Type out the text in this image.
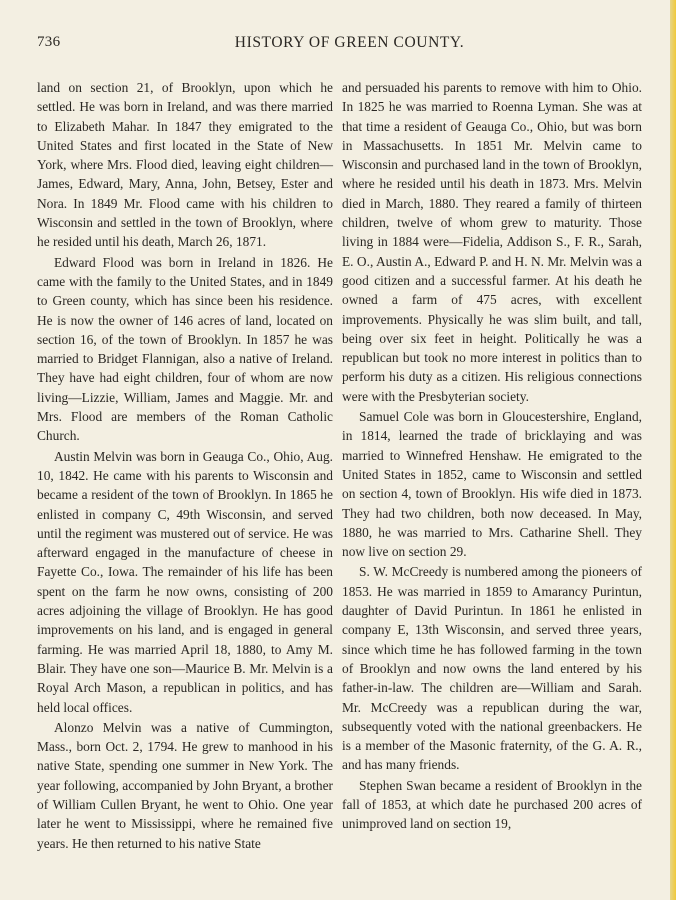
736	HISTORY OF GREEN COUNTY.

land on section 21, of Brooklyn, upon which he settled. He was born in Ireland, and was there married to Elizabeth Mahar. In 1847 they emigrated to the United States and first located in the State of New York, where Mrs. Flood died, leaving eight children—James, Edward, Mary, Anna, John, Betsey, Ester and Nora. In 1849 Mr. Flood came with his children to Wisconsin and settled in the town of Brooklyn, where he resided until his death, March 26, 1871.

Edward Flood was born in Ireland in 1826. He came with the family to the United States, and in 1849 to Green county, which has since been his residence. He is now the owner of 146 acres of land, located on section 16, of the town of Brooklyn. In 1857 he was married to Bridget Flannigan, also a native of Ireland. They have had eight children, four of whom are now living—Lizzie, William, James and Maggie. Mr. and Mrs. Flood are members of the Roman Catholic Church.

Austin Melvin was born in Geauga Co., Ohio, Aug. 10, 1842. He came with his parents to Wisconsin and became a resident of the town of Brooklyn. In 1865 he enlisted in company C, 49th Wisconsin, and served until the regiment was mustered out of service. He was afterward engaged in the manufacture of cheese in Fayette Co., Iowa. The remainder of his life has been spent on the farm he now owns, consisting of 200 acres adjoining the village of Brooklyn. He has good improvements on his land, and is engaged in general farming. He was married April 18, 1880, to Amy M. Blair. They have one son—Maurice B. Mr. Melvin is a Royal Arch Mason, a republican in politics, and has held local offices.

Alonzo Melvin was a native of Cummington, Mass., born Oct. 2, 1794. He grew to manhood in his native State, spending one summer in New York. The year following, accompanied by John Bryant, a brother of William Cullen Bryant, he went to Ohio. One year later he went to Mississippi, where he remained five years. He then returned to his native State

and persuaded his parents to remove with him to Ohio. In 1825 he was married to Roenna Lyman. She was at that time a resident of Geauga Co., Ohio, but was born in Massachusetts. In 1851 Mr. Melvin came to Wisconsin and purchased land in the town of Brooklyn, where he resided until his death in 1873. Mrs. Melvin died in March, 1880. They reared a family of thirteen children, twelve of whom grew to maturity. Those living in 1884 were—Fidelia, Addison S., F. R., Sarah, E. O., Austin A., Edward P. and H. N. Mr. Melvin was a good citizen and a successful farmer. At his death he owned a farm of 475 acres, with excellent improvements. Physically he was slim built, and tall, being over six feet in height. Politically he was a republican but took no more interest in politics than to perform his duty as a citizen. His religious connections were with the Presbyterian society.

Samuel Cole was born in Gloucestershire, England, in 1814, learned the trade of bricklaying and was married to Winnefred Henshaw. He emigrated to the United States in 1852, came to Wisconsin and settled on section 4, town of Brooklyn. His wife died in 1873. They had two children, both now deceased. In May, 1880, he was married to Mrs. Catharine Shell. They now live on section 29.

S. W. McCreedy is numbered among the pioneers of 1853. He was married in 1859 to Amarancy Purintun, daughter of David Purintun. In 1861 he enlisted in company E, 13th Wisconsin, and served three years, since which time he has followed farming in the town of Brooklyn and now owns the land entered by his father-in-law. The children are—William and Sarah. Mr. McCreedy was a republican during the war, subsequently voted with the national greenbackers. He is a member of the Masonic fraternity, of the G. A. R., and has many friends.

Stephen Swan became a resident of Brooklyn in the fall of 1853, at which date he purchased 200 acres of unimproved land on section 19,
